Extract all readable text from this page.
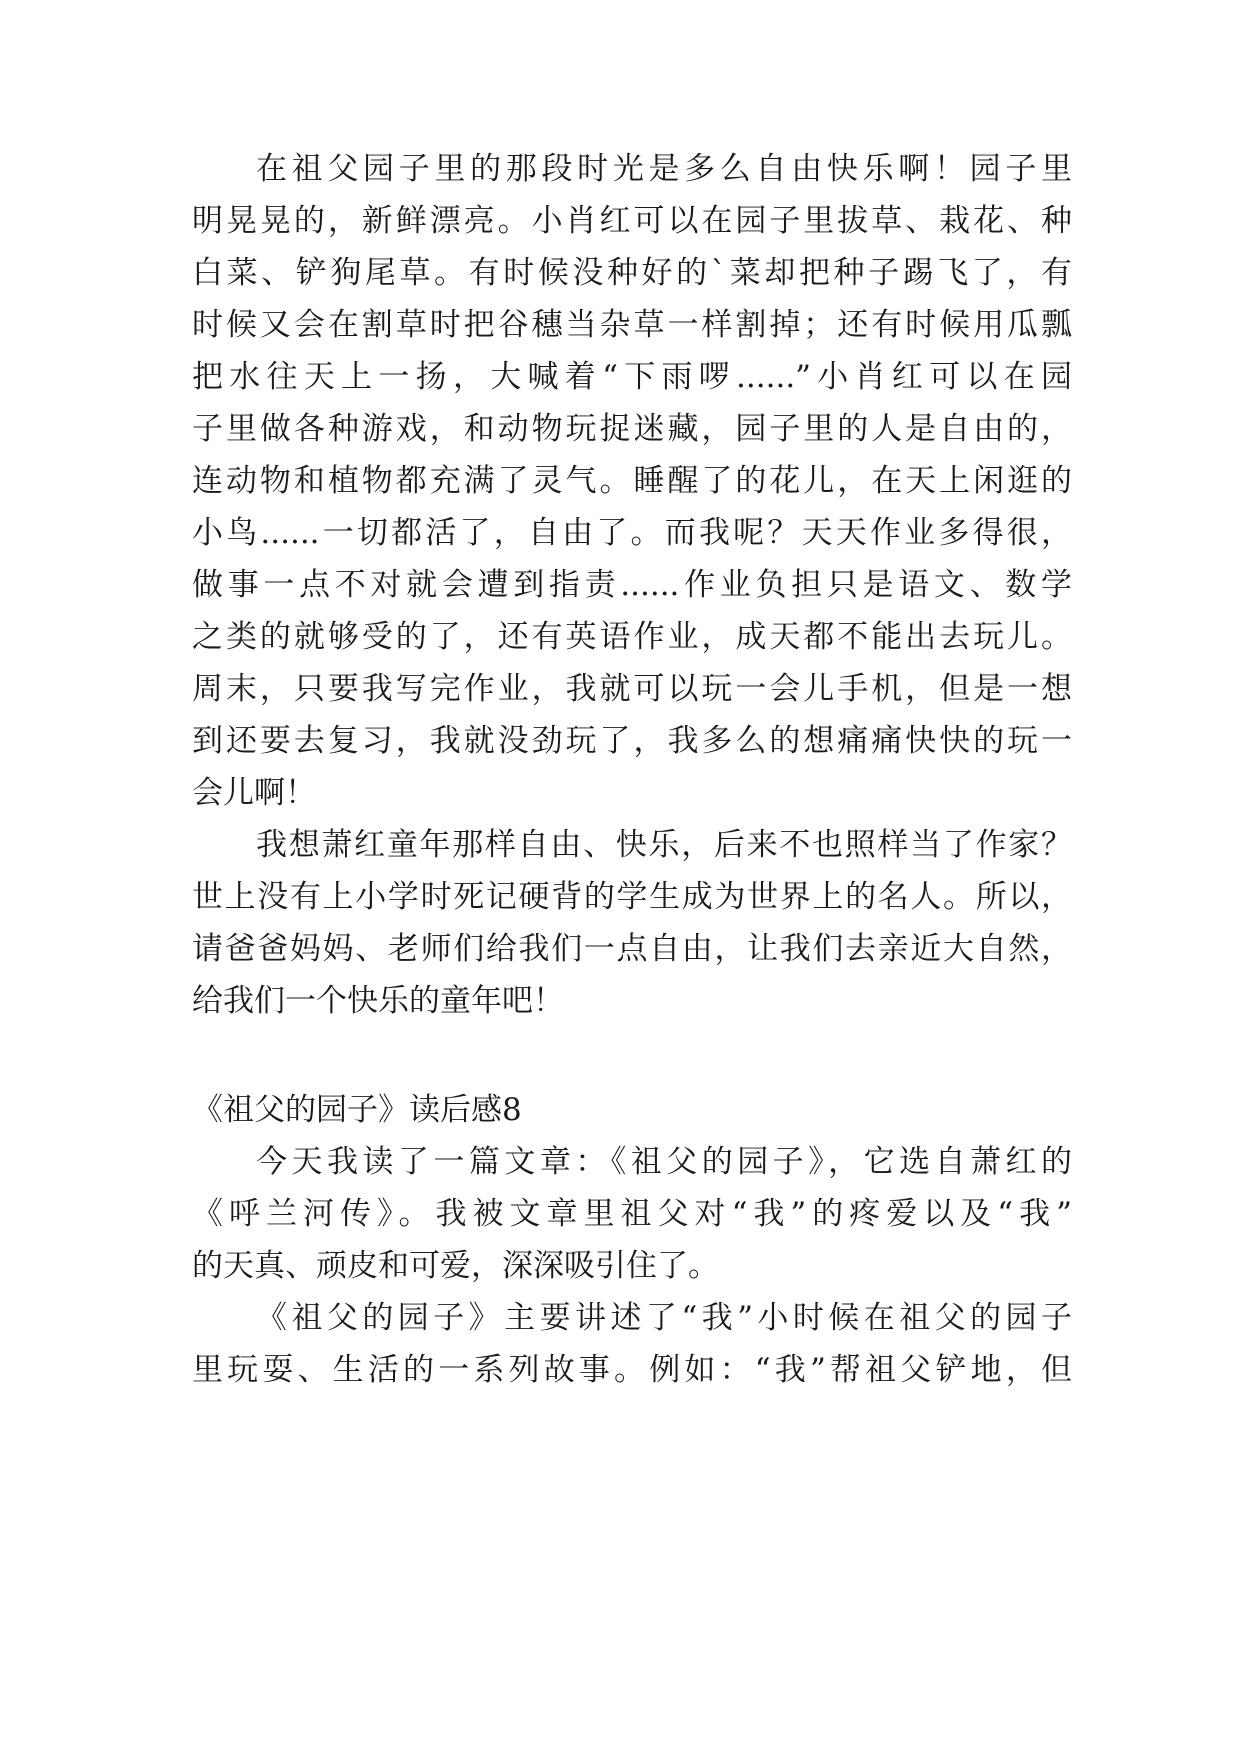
在祖父园子里的那段时光是多么自由快乐啊！园子里
明晃晃的，新鲜漂亮。小肖红可以在园子里拔草、栽花、种
白菜、铲狗尾草。有时候没种好的`菜却把种子踢飞了，有
时候又会在割草时把谷穗当杂草一样割掉；还有时候用瓜瓢
把水往天上一扬，大喊着“下雨啰......”小肖红可以在园
子里做各种游戏，和动物玩捉迷藏，园子里的人是自由的，
连动物和植物都充满了灵气。睡醒了的花儿，在天上闲逛的
小鸟......一切都活了，自由了。而我呢？天天作业多得很，
做事一点不对就会遭到指责......作业负担只是语文、数学
之类的就够受的了，还有英语作业，成天都不能出去玩儿。
周末，只要我写完作业，我就可以玩一会儿手机，但是一想
到还要去复习，我就没劲玩了，我多么的想痛痛快快的玩一
会儿啊！
我想萧红童年那样自由、快乐，后来不也照样当了作家？
世上没有上小学时死记硬背的学生成为世界上的名人。所以，
请爸爸妈妈、老师们给我们一点自由，让我们去亲近大自然，
给我们一个快乐的童年吧！
《祖父的园子》读后感8
今天我读了一篇文章：《祖父的园子》，它选自萧红的
《呼兰河传》。我被文章里祖父对“我”的疼爱以及“我”
的天真、顽皮和可爱，深深吸引住了。
《祖父的园子》主要讲述了“我”小时候在祖父的园子
里玩耍、生活的一系列故事。例如：“我”帮祖父铲地，但
